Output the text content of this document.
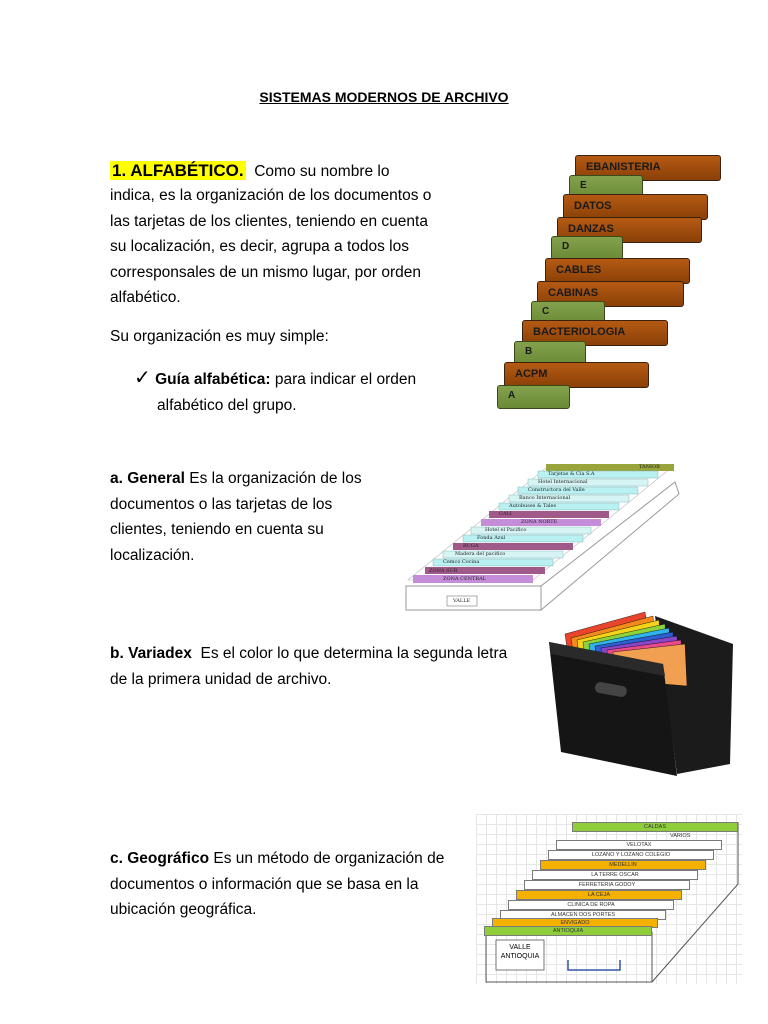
SISTEMAS MODERNOS DE ARCHIVO
1. ALFABÉTICO. Como su nombre lo
indica, es la organización de los documentos o
las tarjetas de los clientes, teniendo en cuenta
su localización, es decir, agrupa a todos los
corresponsales de un mismo lugar, por orden
alfabético.
Su organización es muy simple:
✓ Guía alfabética: para indicar el orden
alfabético del grupo.
EBANISTERIA
E
DATOS
DANZAS
D
CABLES
CABINAS
C
BACTERIOLOGIA
B
ACPM
A
a. General Es la organización de los
documentos o las tarjetas de los
clientes, teniendo en cuenta su
localización.
TANIOB
Tarjetas & Cia S.A
Hotel Internacional
Constructora del Valle
Banco Internacional
Autobuses & Tales
CALI
ZONA NORTE
Hotel el Pacifico
Fonda Azul
BUGA
Madera del pacifico
Cemco Cocina
ZONA CENTRAL
ZONA SUR
VALLE
b. Variadex Es el color lo que determina la segunda letra
de la primera unidad de archivo.
c. Geográfico Es un método de organización de
documentos o información que se basa en la
ubicación geográfica.
CALDAS
VARIOS
VELOTAX
LOZANO Y LOZANO COLEGIO
MEDELLIN
LA TERRE OSCAR
FERRETERIA GODOY
LA CEJA
CLINICA DE ROPA
ALMACEN DOS PORTES
ENVIGADO
ANTIOQUIA
VALLE
ANTIOQUIA
